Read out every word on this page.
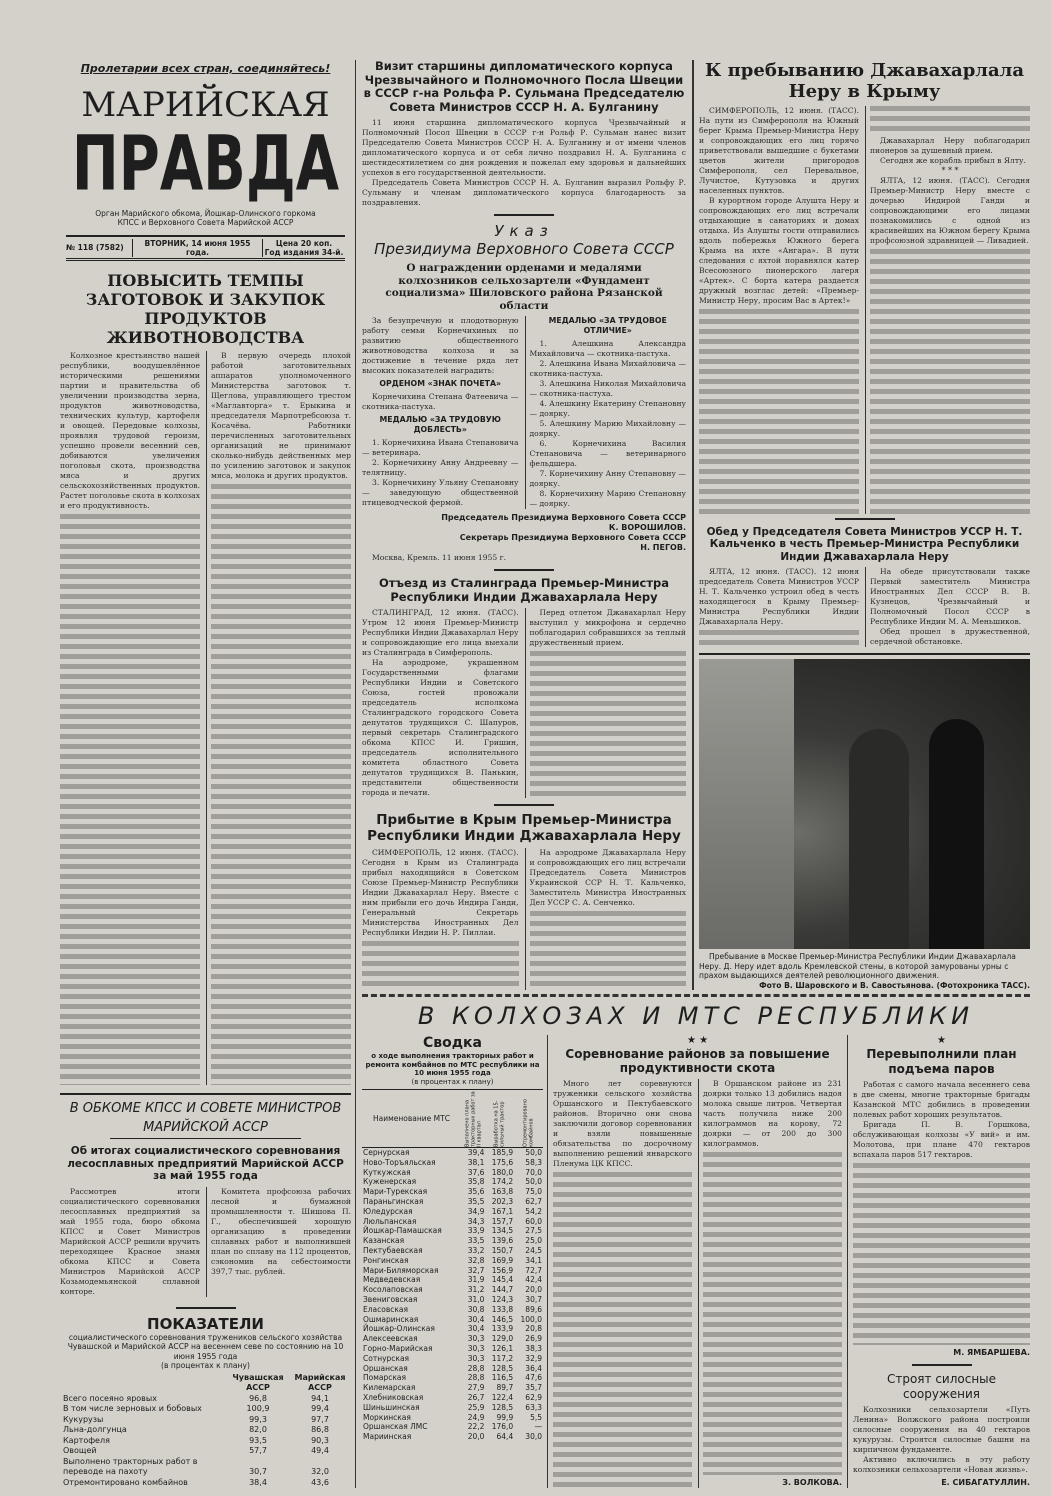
Пролетарии всех стран, соединяйтесь!
МАРИЙСКАЯ
ПРАВДА
Орган Марийского обкома, Йошкар-Олинского горкома КПСС и Верховного Совета Марийской АССР
№ 118 (7582)	ВТОРНИК, 14 июня 1955 года.
Цена 20 коп.
Год издания 34-й.
ПОВЫСИТЬ ТЕМПЫ ЗАГОТОВОК И ЗАКУПОК ПРОДУКТОВ ЖИВОТНОВОДСТВА

Колхозное крестьянство нашей республики, воодушевлённое историческими решениями партии и правительства об увеличении производства зерна, продуктов животноводства, технических культур, картофеля и овощей. Передовые колхозы, проявляя трудовой героизм, успешно провели весенний сев, добиваются увеличения поголовья скота, производства мяса и других сельскохозяйственных продуктов. Растет поголовье скота в колхозах и его продуктивность.

В первую очередь плохой работой заготовительных аппаратов уполномоченного Министерства заготовок т. Щеглова, управляющего трестом «Маглавторга» т. Ерыкина и председателя Марпотребсоюза т. Косачёва. Работники перечисленных заготовительных организаций не принимают сколько-нибудь действенных мер по усилению заготовок и закупок мяса, молока и других продуктов.

В ОБКОМЕ КПСС И СОВЕТЕ МИНИСТРОВ
МАРИЙСКОЙ АССР
Об итогах социалистического соревнования лесосплавных предприятий Марийской АССР за май 1955 года

Рассмотрев итоги социалистического соревнования лесосплавных предприятий за май 1955 года, бюро обкома КПСС и Совет Министров Марийской АССР решили вручить переходящее Красное знамя обкома КПСС и Совета Министров Марийской АССР Козьмодемьянской сплавной конторе.

Комитета профсоюза рабочих лесной и бумажной промышленности т. Шишова П. Г., обеспечившей хорошую организацию в проведении сплавных работ и выполнившей план по сплаву на 112 процентов, сэкономив на себестоимости 397,7 тыс. рублей.

ПОКАЗАТЕЛИ
социалистического соревнования тружеников сельского хозяйства Чувашской и Марийской АССР на весеннем севе по состоянию на 10 июня 1955 года
(в процентах к плану)
	Чувашская АССР	Марийская АССР
Всего посеяно яровых	96,8	94,1
В том числе зерновых и бобовых	100,9	99,4
Кукурузы	99,3	97,7
Льна-долгунца	82,0	86,8
Картофеля	93,5	90,3
Овощей	57,7	49,4
Выполнено тракторных работ в переводе на пахоту	30,7	32,0
Отремонтировано комбайнов	38,4	43,6
Визит старшины дипломатического корпуса Чрезвычайного и Полномочного Посла Швеции в СССР г-на Рольфа Р. Сульмана Председателю Совета Министров СССР Н. А. Булганину

11 июня старшина дипломатического корпуса Чрезвычайный и Полномочный Посол Швеции в СССР г-н Рольф Р. Сульман нанес визит Председателю Совета Министров СССР Н. А. Булганину и от имени членов дипломатического корпуса и от себя лично поздравил Н. А. Булганина с шестидесятилетием со дня рождения и пожелал ему здоровья и дальнейших успехов в его государственной деятельности.

Председатель Совета Министров СССР Н. А. Булганин выразил Рольфу Р. Сульману и членам дипломатического корпуса благодарность за поздравления.

Указ
Президиума Верховного Совета СССР
О награждении орденами и медалями колхозников сельхозартели «Фундамент социализма» Шиловского района Рязанской области

За безупречную и плодотворную работу семьи Корнечихиных по развитию общественного животноводства колхоза и за достижение в течение ряда лет высоких показателей наградить:

ОРДЕНОМ «ЗНАК ПОЧЕТА»

Корнечихина Степана Фатеевича — скотника-пастуха.

МЕДАЛЬЮ «ЗА ТРУДОВУЮ ДОБЛЕСТЬ»

1. Корнечихина Ивана Степановича — ветеринара.

2. Корнечихину Анну Андреевну — телятницу.

3. Корнечихину Ульяну Степановну — заведующую общественной птицеводческой фермой.

МЕДАЛЬЮ «ЗА ТРУДОВОЕ ОТЛИЧИЕ»

1. Алешкина Александра Михайловича — скотника-пастуха.

2. Алешкина Ивана Михайловича — скотника-пастуха.

3. Алешкина Николая Михайловича — скотника-пастуха.

4. Алешкину Екатерину Степановну — доярку.

5. Алешкину Марию Михайловну — доярку.

6. Корнечихина Василия Степановича — ветеринарного фельдшера.

7. Корнечихину Анну Степановну — доярку.

8. Корнечихину Марию Степановну — доярку.

Председатель Президиума Верховного Совета СССР
К. ВОРОШИЛОВ.
Секретарь Президиума Верховного Совета СССР
Н. ПЕГОВ.
Москва, Кремль. 11 июня 1955 г.
Отъезд из Сталинграда Премьер-Министра Республики Индии Джавахарлала Неру

СТАЛИНГРАД, 12 июня. (ТАСС). Утром 12 июня Премьер-Министр Республики Индии Джавахарлал Неру и сопровождающие его лица выехали из Сталинграда в Симферополь.

На аэродроме, украшенном Государственными флагами Республики Индии и Советского Союза, гостей провожали председатель исполкома Сталинградского городского Совета депутатов трудящихся С. Шапуров, первый секретарь Сталинградского обкома КПСС И. Гришин, председатель исполнительного комитета областного Совета депутатов трудящихся В. Панькин, представители общественности города и печати.

Перед отлетом Джавахарлал Неру выступил у микрофона и сердечно поблагодарил собравшихся за теплый дружественный прием.

Прибытие в Крым Премьер-Министра Республики Индии Джавахарлала Неру

СИМФЕРОПОЛЬ, 12 июня. (ТАСС). Сегодня в Крым из Сталинграда прибыл находящийся в Советском Союзе Премьер-Министр Республики Индии Джавахарлал Неру. Вместе с ним прибыли его дочь Индира Ганди, Генеральный Секретарь Министерства Иностранных Дел Республики Индии Н. Р. Пиллаи.

На аэродроме Джавахарлала Неру и сопровождающих его лиц встречали Председатель Совета Министров Украинской ССР Н. Т. Кальченко, Заместитель Министра Иностранных Дел УССР С. А. Сенченко.

К пребыванию Джавахарлала Неру в Крыму

СИМФЕРОПОЛЬ, 12 июня. (ТАСС). На пути из Симферополя на Южный берег Крыма Премьер-Министра Неру и сопровождающих его лиц горячо приветствовали вышедшие с букетами цветов жители пригородов Симферополя, сел Перевальное, Лучистое, Кутузовка и других населенных пунктов.

В курортном городе Алушта Неру и сопровождающих его лиц встречали отдыхающие в санаториях и домах отдыха. Из Алушты гости отправились вдоль побережья Южного берега Крыма на яхте «Ангара». В пути следования с яхтой поравнялся катер Всесоюзного пионерского лагеря «Артек». С борта катера раздается дружный возглас детей: «Премьер-Министр Неру, просим Вас в Артек!»

Джавахарлал Неру поблагодарил пионеров за душевный прием.

Сегодня же корабль прибыл в Ялту.

* * *

ЯЛТА, 12 июня. (ТАСС). Сегодня Премьер-Министр Неру вместе с дочерью Индирой Ганди и сопровождающими его лицами познакомились с одной из красивейших на Южном берегу Крыма профсоюзной здравницей — Ливадией.

Обед у Председателя Совета Министров УССР Н. Т. Кальченко в честь Премьер-Министра Республики Индии Джавахарлала Неру

ЯЛТА, 12 июня. (ТАСС). 12 июня председатель Совета Министров УССР Н. Т. Кальченко устроил обед в честь находящегося в Крыму Премьер-Министра Республики Индии Джавахарлала Неру.

На обеде присутствовали также Первый заместитель Министра Иностранных Дел СССР В. В. Кузнецов, Чрезвычайный и Полномочный Посол СССР в Республике Индии М. А. Меньшиков.

Обед прошел в дружественной, сердечной обстановке.

Пребывание в Москве Премьер-Министра Республики Индии Джавахарлала Неру. Д. Неру идет вдоль Кремлевской стены, в которой замурованы урны с прахом выдающихся деятелей революционного движения.
Фото В. Шаровского и В. Савостьянова. (Фотохроника ТАСС).
В КОЛХОЗАХ И МТС РЕСПУБЛИКИ
Сводка
о ходе выполнения тракторных работ и ремонта комбайнов по МТС республики на 10 июня 1955 года
(в процентах к плану)
Наименование МТС	Выполнено плана тракторных работ за II квартал	Выработка на 15-сильный трактор	Отремонтировано комбайнов
Сернурская	39,4	185,9	50,0
Ново-Торъяльская	38,1	175,6	58,3
Куткужская	37,6	180,0	70,0
Куженерская	35,8	174,2	50,0
Мари-Турекская	35,6	163,8	75,0
Параньгинская	35,5	202,3	62,7
Юледурская	34,9	167,1	54,2
Люльпанская	34,3	157,7	60,0
Йошкар-Памашская	33,9	134,5	27,5
Казанская	33,5	139,6	25,0
Пектубаевская	33,2	150,7	24,5
Ронгинская	32,8	169,9	34,1
Мари-Биляморская	32,7	156,9	72,7
Медведевская	31,9	145,4	42,4
Косолаповская	31,2	144,7	20,0
Звениговская	31,0	124,3	30,7
Еласовская	30,8	133,8	89,6
Ошмаринская	30,4	146,5	100,0
Йошкар-Олинская	30,4	133,9	20,8
Алексеевская	30,3	129,0	26,9
Горно-Марийская	30,3	126,1	38,3
Сотнурская	30,3	117,2	32,9
Оршанская	28,8	128,5	36,4
Помарская	28,8	116,5	47,6
Килемарская	27,9	89,7	35,7
Хлебниковская	26,7	122,4	62,9
Шиньшинская	25,9	128,5	63,3
Моркинская	24,9	99,9	5,5
Оршанская ЛМС	22,2	176,0	—
Мариинская	20,0	64,4	30,0
★ ★
Соревнование районов за повышение продуктивности скота

Много лет соревнуются труженики сельского хозяйства Оршанского и Пектубаевского районов. Вторично они снова заключили договор соревнования и взяли повышенные обязательства по досрочному выполнению решений январского Пленума ЦК КПСС.

В Оршанском районе из 231 доярки только 13 добились надоя молока свыше литров. Четвертая часть получила ниже 200 килограммов на корову, 72 доярки — от 200 до 300 килограммов.

З. ВОЛКОВА.
★
Перевыполнили план подъема паров

Работая с самого начала весеннего сева в две смены, многие тракторные бригады Казанской МТС добились в проведении полевых работ хороших результатов.

Бригада П. В. Горшкова, обслуживающая колхозы «У вий» и им. Молотова, при плане 470 гектаров вспахала паров 517 гектаров.

М. ЯМБАРШЕВА.
Строят силосные сооружения

Колхозники сельхозартели «Путь Ленина» Волжского района построили силосные сооружения на 40 гектаров кукурузы. Строятся силосные башни на кирпичном фундаменте.

Активно включились в эту работу колхозники сельхозартели «Новая жизнь».

Е. СИБАГАТУЛЛИН.
